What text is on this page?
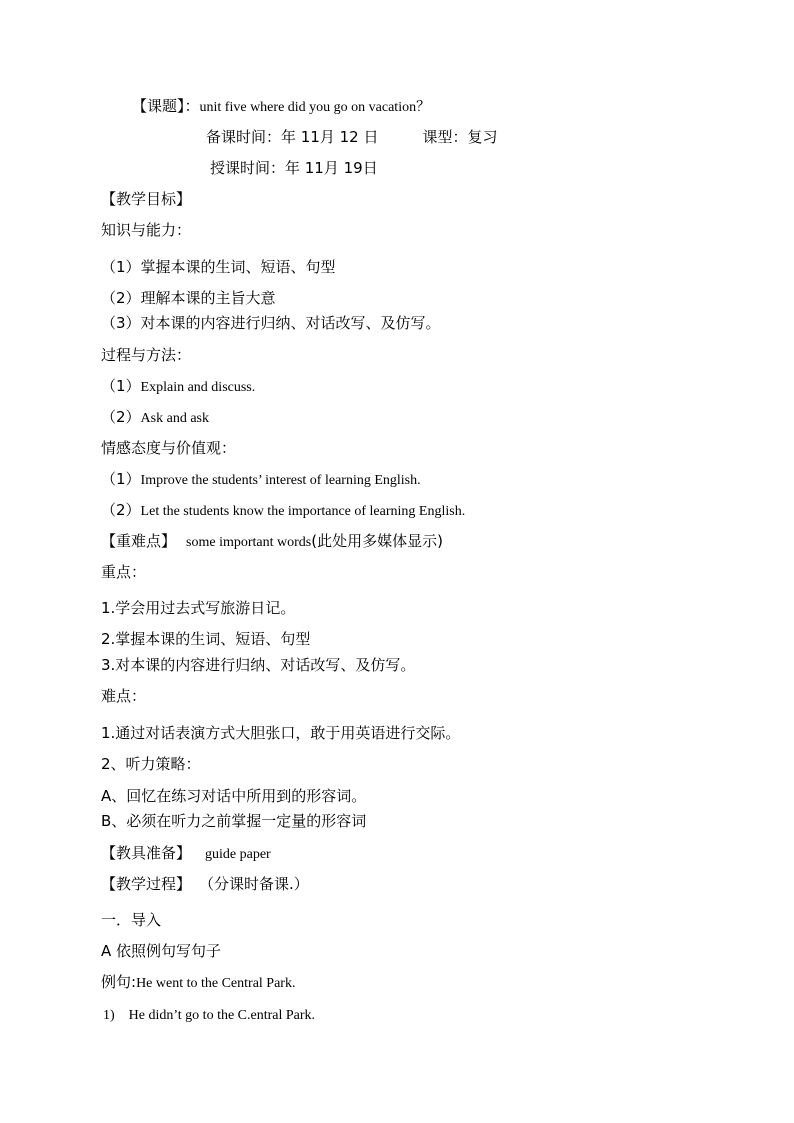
【课题】：unit five where did you go on vacation？
备课时间：年 11月 12 日	课型：复习
授课时间：年 11月 19日
【教学目标】
知识与能力：
（1）掌握本课的生词、短语、句型
（2）理解本课的主旨大意
（3）对本课的内容进行归纳、对话改写、及仿写。
过程与方法：
（1）Explain and discuss.
（2）Ask and ask
情感态度与价值观：
（1）Improve the students’ interest of learning English.
（2）Let the students know the importance of learning English.
【重难点】 some important words(此处用多媒体显示)
重点：
1.学会用过去式写旅游日记。
2.掌握本课的生词、短语、句型
3.对本课的内容进行归纳、对话改写、及仿写。
难点：
1.通过对话表演方式大胆张口，敢于用英语进行交际。
2、听力策略：
A、回忆在练习对话中所用到的形容词。
B、必须在听力之前掌握一定量的形容词
【教具准备】 guide paper
【教学过程】 （分课时备课.）
一．导入
A 依照例句写句子
例句:He went to the Central Park.
1) He didn’t go to the C.entral Park.
